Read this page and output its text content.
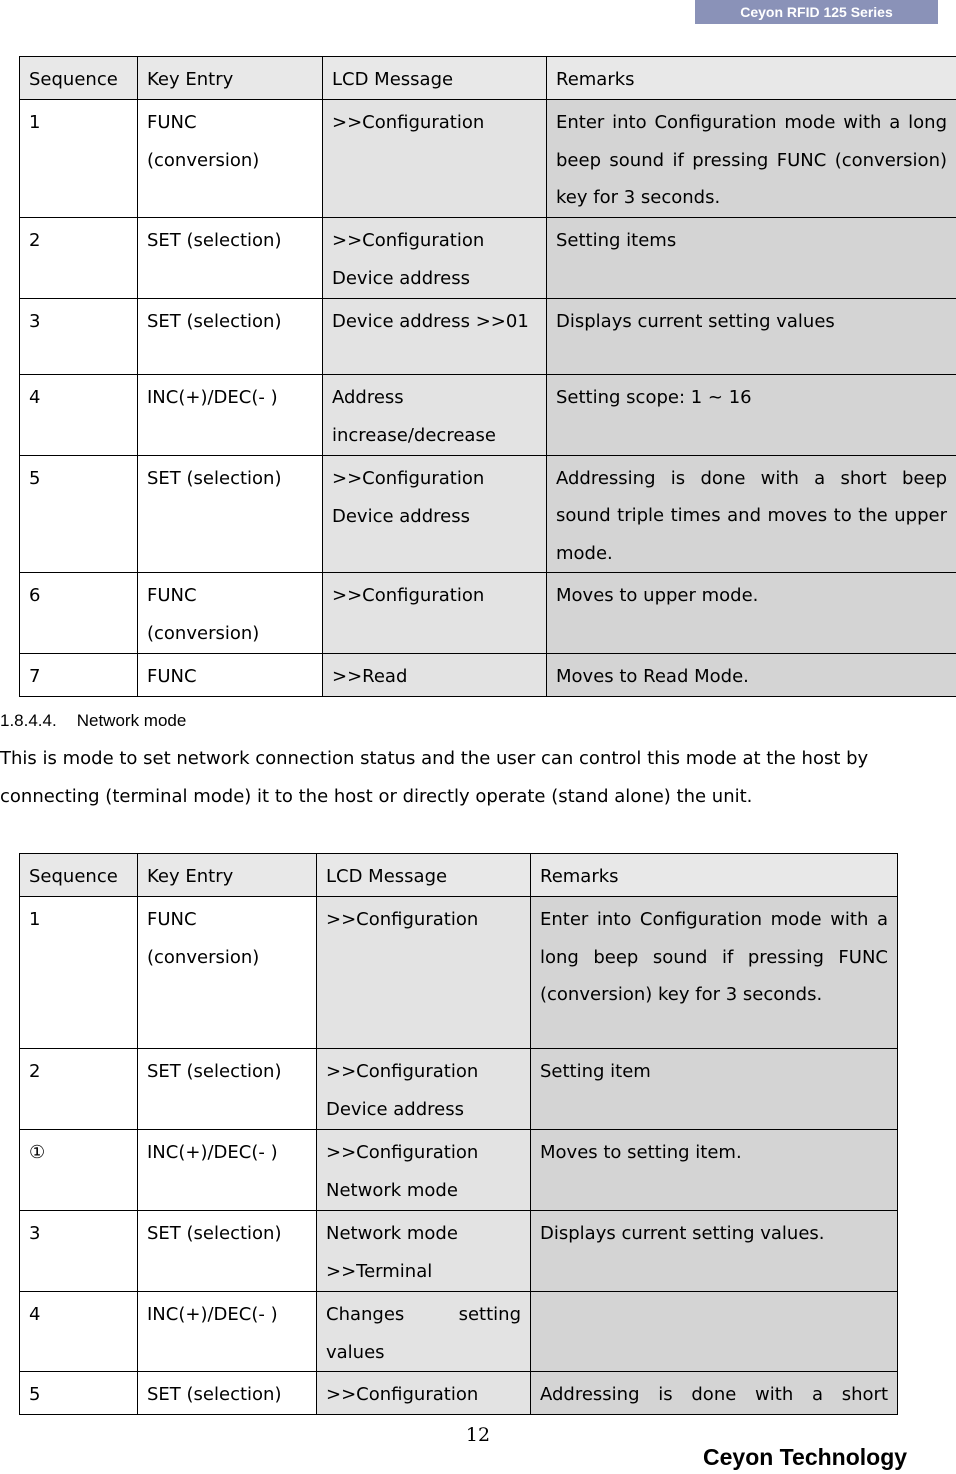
Ceyon RFID 125 Series
Sequence	Key Entry	LCD Message	Remarks
1	FUNC (conversion)	>>Configuration	Enter into Configuration mode with a long beep sound if pressing FUNC (conversion) key for 3 seconds.
2	SET (selection)	>>Configuration Device address	Setting items
3	SET (selection)	Device address >>01	Displays current setting values
4	INC(+)/DEC(- )	Address increase/decrease	Setting scope: 1 ~ 16
5	SET (selection)	>>Configuration Device address	Addressing is done with a short beep sound triple times and moves to the upper mode.
6	FUNC (conversion)	>>Configuration	Moves to upper mode.
7	FUNC	>>Read	Moves to Read Mode.
1.8.4.4. Network mode
This is mode to set network connection status and the user can control this mode at the host by connecting (terminal mode) it to the host or directly operate (stand alone) the unit.
Sequence	Key Entry	LCD Message	Remarks
1	FUNC (conversion)	>>Configuration	Enter into Configuration mode with a long beep sound if pressing FUNC (conversion) key for 3 seconds.
2	SET (selection)	>>Configuration Device address	Setting item
①	INC(+)/DEC(- )	>>Configuration Network mode	Moves to setting item.
3	SET (selection)	Network mode >>Terminal	Displays current setting values.
4	INC(+)/DEC(- )	Changes setting values	
5	SET (selection)	>>Configuration	Addressing is done with a short
12
Ceyon Technology
